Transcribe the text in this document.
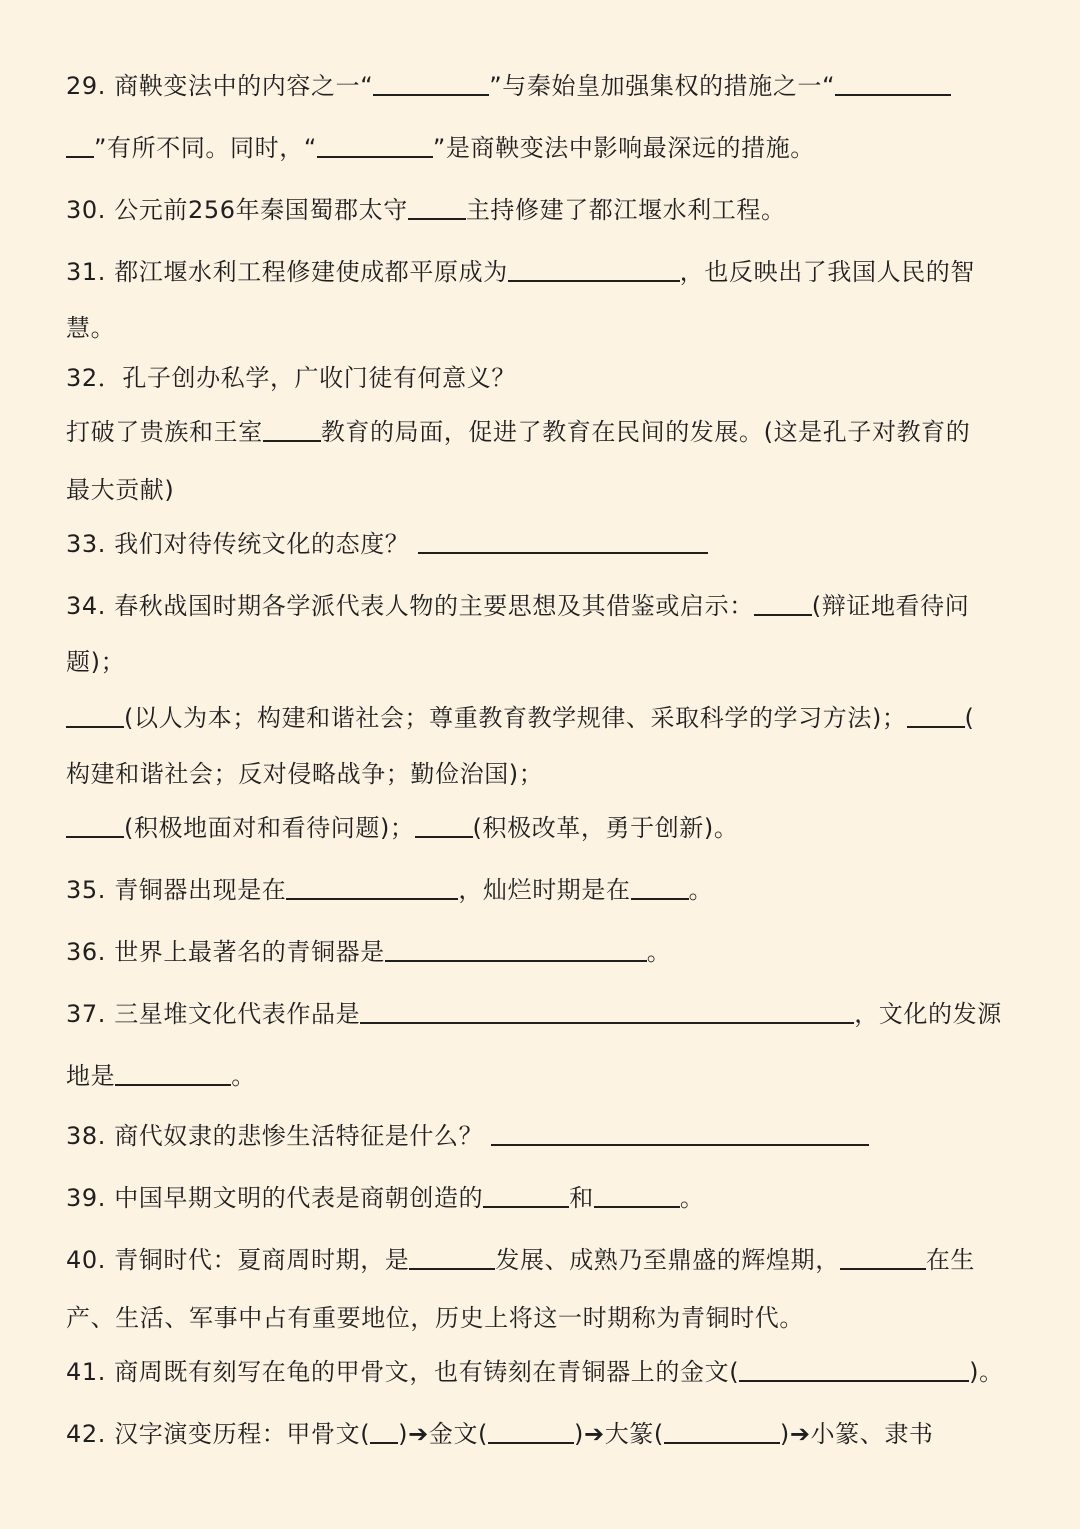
29. 商鞅变法中的内容之一“	”与秦始皇加强集权的措施之一“
”有所不同。同时，“	”是商鞅变法中影响最深远的措施。
30. 公元前256年秦国蜀郡太守 主持修建了都江堰水利工程。
31. 都江堰水利工程修建使成都平原成为	，也反映出了我国人民的智
慧。
32．孔子创办私学，广收门徒有何意义？
打破了贵族和王室 教育的局面，促进了教育在民间的发展。(这是孔子对教育的
最大贡献)
33. 我们对待传统文化的态度？
34. 春秋战国时期各学派代表人物的主要思想及其借鉴或启示： (辩证地看待问
题)；
(以人为本；构建和谐社会；尊重教育教学规律、采取科学的学习方法)； (
构建和谐社会；反对侵略战争；勤俭治国)；
(积极地面对和看待问题)； (积极改革，勇于创新)。
35. 青铜器出现是在	，灿烂时期是在 。
36. 世界上最著名的青铜器是	。
37. 三星堆文化代表作品是	，文化的发源
地是	。
38. 商代奴隶的悲惨生活特征是什么？
39. 中国早期文明的代表是商朝创造的	和	。
40. 青铜时代：夏商周时期，是	发展、成熟乃至鼎盛的辉煌期，	在生
产、生活、军事中占有重要地位，历史上将这一时期称为青铜时代。
41. 商周既有刻写在龟的甲骨文，也有铸刻在青铜器上的金文(	)。
42. 汉字演变历程：甲骨文( )➔金文(	)➔大篆(	)➔小篆、隶书
